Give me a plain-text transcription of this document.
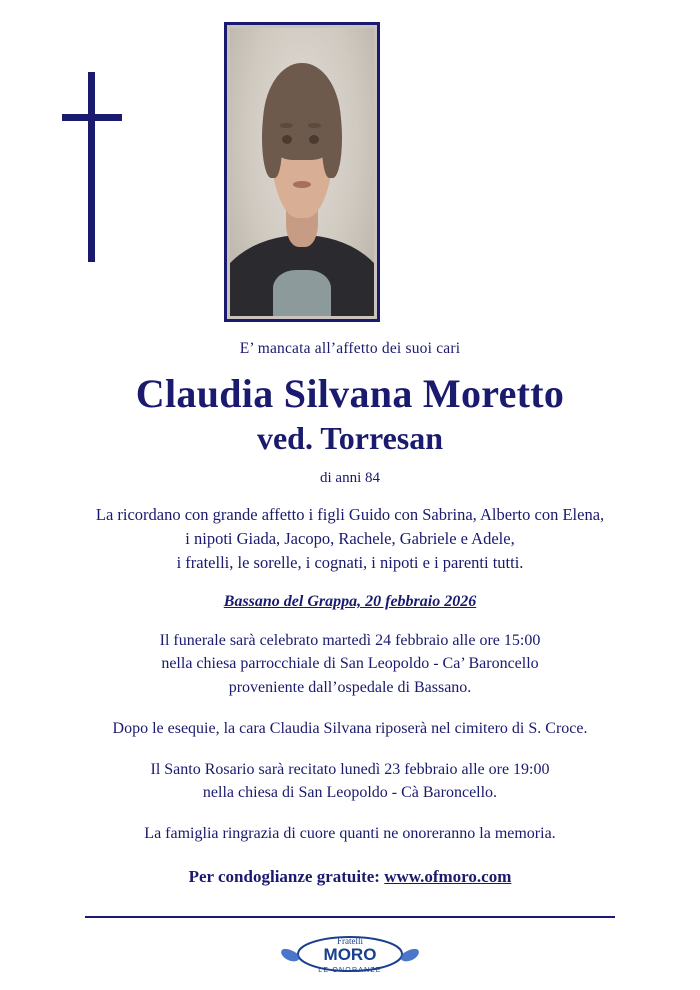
E’ mancata all’affetto dei suoi cari

Claudia Silvana Moretto
ved. Torresan

di anni 84

La ricordano con grande affetto i figli Guido con Sabrina, Alberto con Elena,
i nipoti Giada, Jacopo, Rachele, Gabriele e Adele,
i fratelli, le sorelle, i cognati, i nipoti e i parenti tutti.

Bassano del Grappa, 20 febbraio 2026

Il funerale sarà celebrato martedì 24 febbraio alle ore 15:00
nella chiesa parrocchiale di San Leopoldo - Ca’ Baroncello
proveniente dall’ospedale di Bassano.
Dopo le esequie, la cara Claudia Silvana riposerà nel cimitero di S. Croce.
Il Santo Rosario sarà recitato lunedì 23 febbraio alle ore 19:00
nella chiesa di San Leopoldo - Cà Baroncello.
La famiglia ringrazia di cuore quanti ne onoreranno la memoria.

Per condoglianze gratuite: www.ofmoro.com

Fratelli
MORO
LE ONORANZE
